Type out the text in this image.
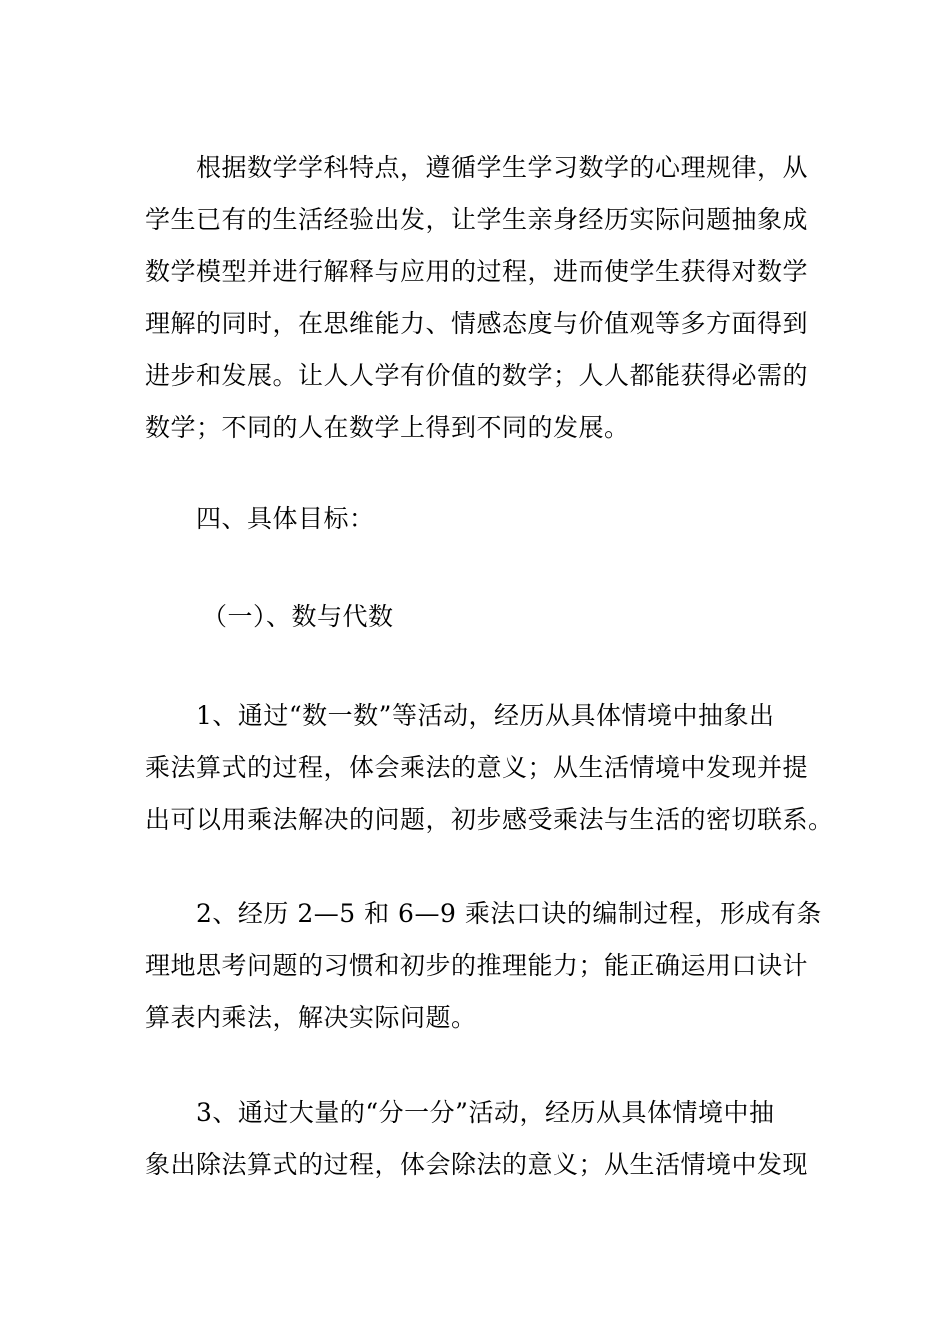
根据数学学科特点，遵循学生学习数学的心理规律，从
学生已有的生活经验出发，让学生亲身经历实际问题抽象成
数学模型并进行解释与应用的过程，进而使学生获得对数学
理解的同时，在思维能力、情感态度与价值观等多方面得到
进步和发展。让人人学有价值的数学；人人都能获得必需的
数学；不同的人在数学上得到不同的发展。
四、具体目标：
（一）、数与代数
1、通过“数一数”等活动，经历从具体情境中抽象出
乘法算式的过程，体会乘法的意义；从生活情境中发现并提
出可以用乘法解决的问题，初步感受乘法与生活的密切联系。
2、经历 2—5 和 6—9 乘法口诀的编制过程，形成有条
理地思考问题的习惯和初步的推理能力；能正确运用口诀计
算表内乘法，解决实际问题。
3、通过大量的“分一分”活动，经历从具体情境中抽
象出除法算式的过程，体会除法的意义；从生活情境中发现
